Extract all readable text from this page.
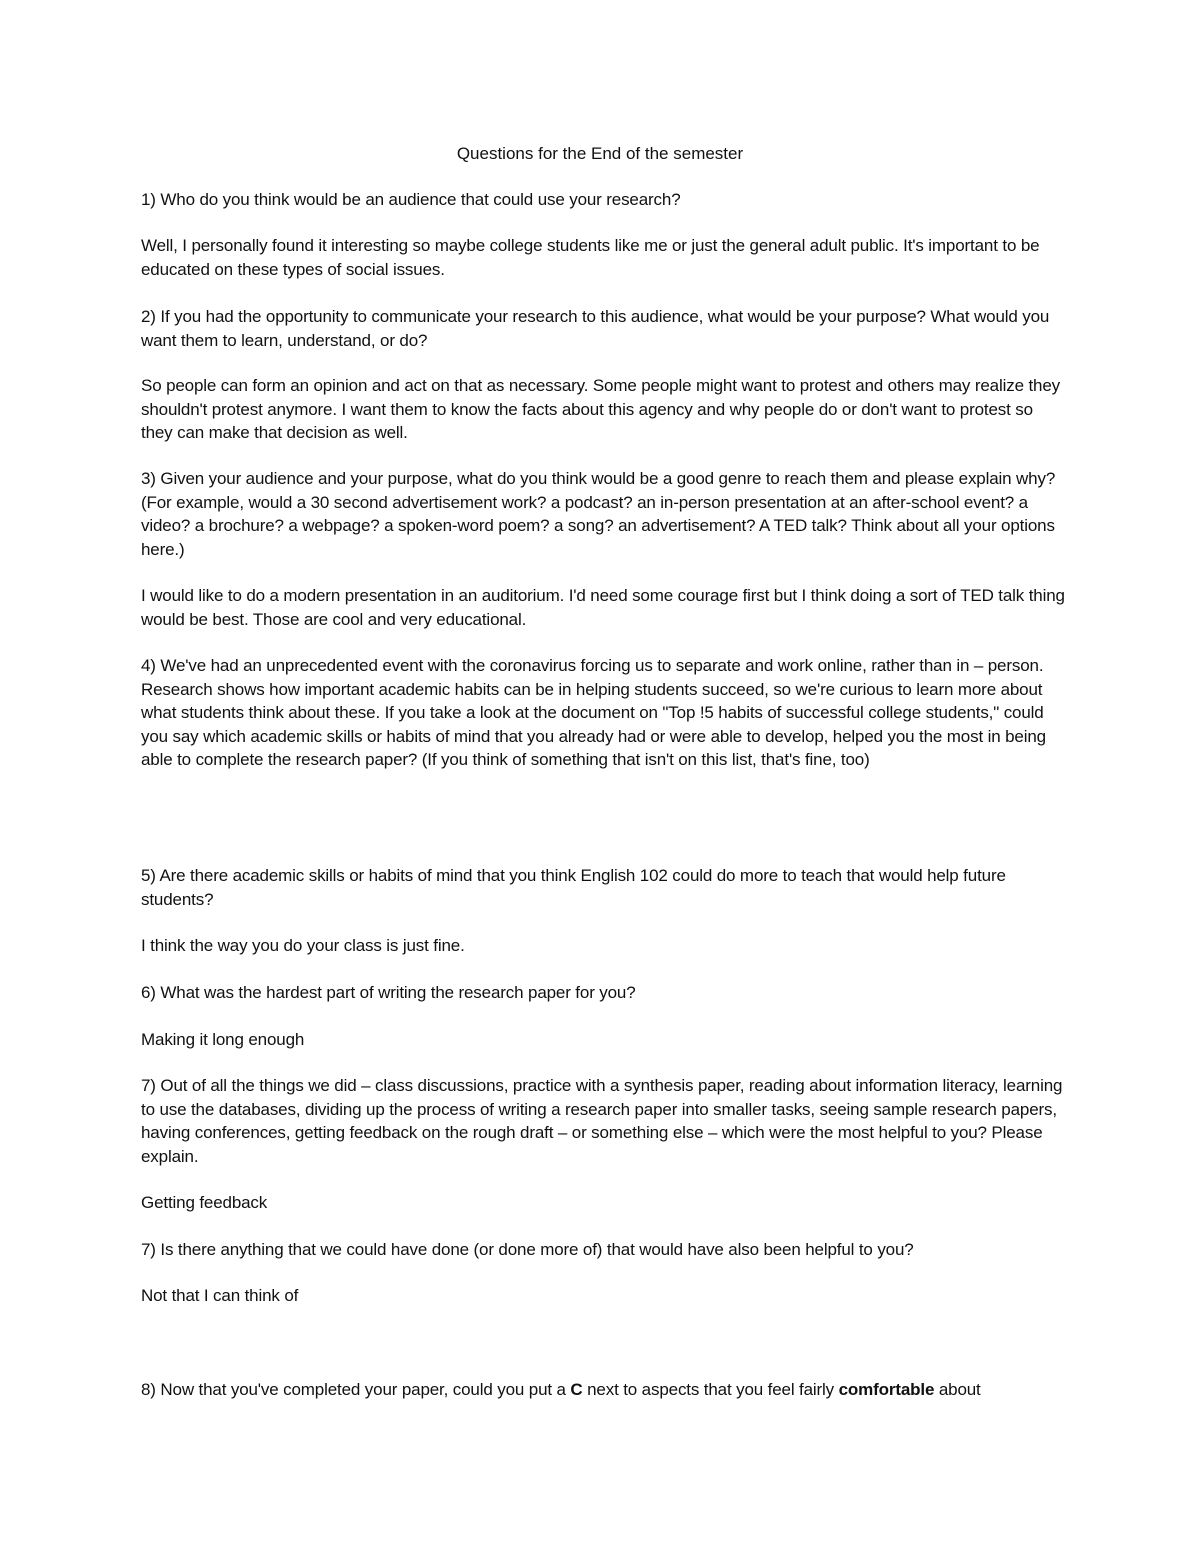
Questions for the End of the semester

1) Who do you think would be an audience that could use your research?

Well, I personally found it interesting so maybe college students like me or just the general adult public. It's important to be educated on these types of social issues.

2) If you had the opportunity to communicate your research to this audience, what would be your purpose? What would you want them to learn, understand, or do?

So people can form an opinion and act on that as necessary. Some people might want to protest and others may realize they shouldn't protest anymore. I want them to know the facts about this agency and why people do or don't want to protest so they can make that decision as well.

3) Given your audience and your purpose, what do you think would be a good genre to reach them and please explain why? (For example, would a 30 second advertisement work? a podcast? an in-person presentation at an after-school event? a video? a brochure? a webpage? a spoken-word poem? a song? an advertisement? A TED talk? Think about all your options here.)

I would like to do a modern presentation in an auditorium. I'd need some courage first but I think doing a sort of TED talk thing would be best. Those are cool and very educational.

4) We've had an unprecedented event with the coronavirus forcing us to separate and work online, rather than in – person. Research shows how important academic habits can be in helping students succeed, so we're curious to learn more about what students think about these. If you take a look at the document on "Top !5 habits of successful college students," could you say which academic skills or habits of mind that you already had or were able to develop, helped you the most in being able to complete the research paper? (If you think of something that isn't on this list, that's fine, too)

5) Are there academic skills or habits of mind that you think English 102 could do more to teach that would help future students?

I think the way you do your class is just fine.

6) What was the hardest part of writing the research paper for you?

Making it long enough

7) Out of all the things we did – class discussions, practice with a synthesis paper, reading about information literacy, learning to use the databases, dividing up the process of writing a research paper into smaller tasks, seeing sample research papers, having conferences, getting feedback on the rough draft – or something else – which were the most helpful to you? Please explain.

Getting feedback

7) Is there anything that we could have done (or done more of) that would have also been helpful to you?

Not that I can think of

8) Now that you've completed your paper, could you put a C next to aspects that you feel fairly comfortable about
